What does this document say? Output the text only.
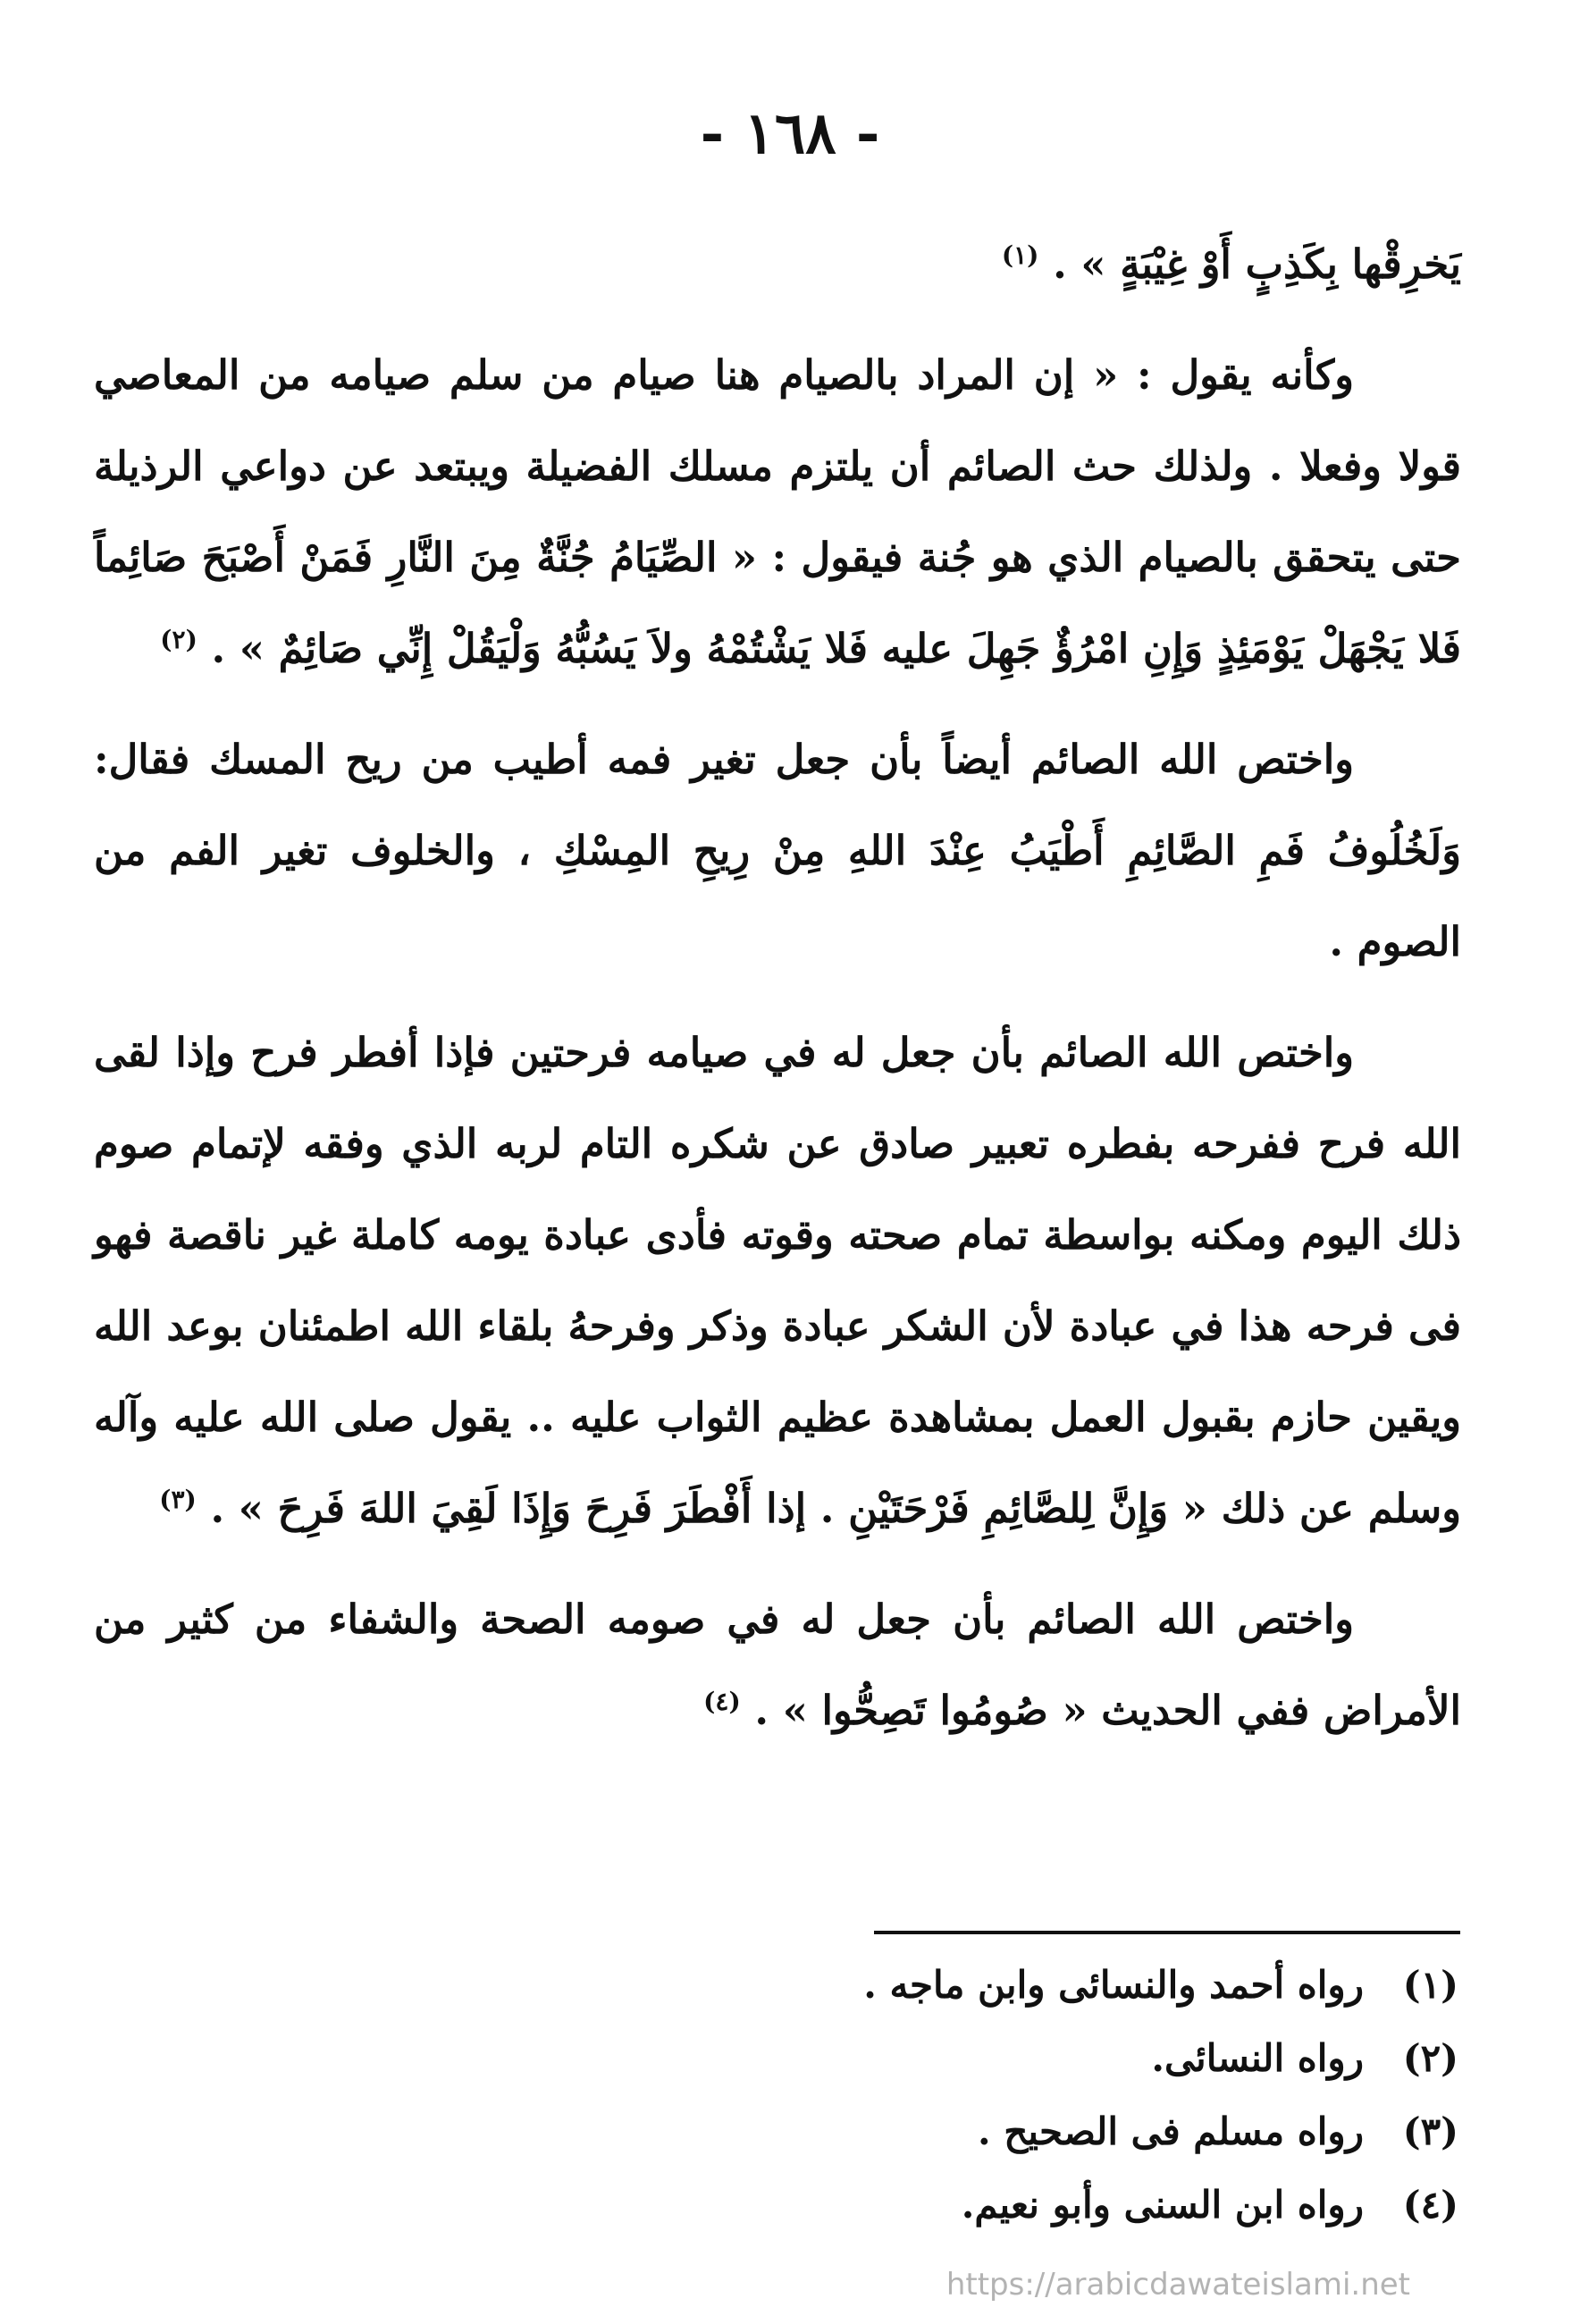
- ١٦٨ -

يَخرِقْها بِكَذِبٍ أَوْ غِيْبَةٍ » . $^{(١)}$

وكأنه يقول : « إن المراد بالصيام هنا صيام من سلم صيامه من المعاصي قولا وفعلا . ولذلك حث الصائم أن يلتزم مسلك الفضيلة ويبتعد عن دواعي الرذيلة حتى يتحقق بالصيام الذي هو جُنة فيقول : « الصِّيَامُ جُنَّةٌ مِنَ النَّارِ فَمَنْ أَصْبَحَ صَائِماً فَلا يَجْهَلْ يَوْمَئِذٍ وَإِنِ امْرُؤٌ جَهِلَ عليه فَلا يَشْتُمْهُ ولاَ يَسُبُّهُ وَلْيَقُلْ إِنِّي صَائِمٌ » . $^{(٢)}$

واختص الله الصائم أيضاً بأن جعل تغير فمه أطيب من ريح المسك فقال: وَلَخُلُوفُ فَمِ الصَّائِمِ أَطْيَبُ عِنْدَ اللهِ مِنْ رِيحِ المِسْكِ ، والخلوف تغير الفم من الصوم .

واختص الله الصائم بأن جعل له في صيامه فرحتين فإذا أفطر فرح وإذا لقى الله فرح ففرحه بفطره تعبير صادق عن شكره التام لربه الذي وفقه لإتمام صوم ذلك اليوم ومكنه بواسطة تمام صحته وقوته فأدى عبادة يومه كاملة غير ناقصة فهو فى فرحه هذا في عبادة لأن الشكر عبادة وذكر وفرحهُ بلقاء الله اطمئنان بوعد الله ويقين حازم بقبول العمل بمشاهدة عظيم الثواب عليه .. يقول صلى الله عليه وآله وسلم عن ذلك « وَإِنَّ لِلصَّائِمِ فَرْحَتَيْنِ . إذا أَفْطَرَ فَرِحَ وَإِذَا لَقِيَ اللهَ فَرِحَ » . $^{(٣)}$

واختص الله الصائم بأن جعل له في صومه الصحة والشفاء من كثير من الأمراض ففي الحديث « صُومُوا تَصِحُّوا » . $^{(٤)}$

(١)
رواه أحمد والنسائى وابن ماجه .
(٢)
رواه النسائى.
(٣)
رواه مسلم فى الصحيح .
(٤)
رواه ابن السنى وأبو نعيم.
https://arabicdawateislami.net
